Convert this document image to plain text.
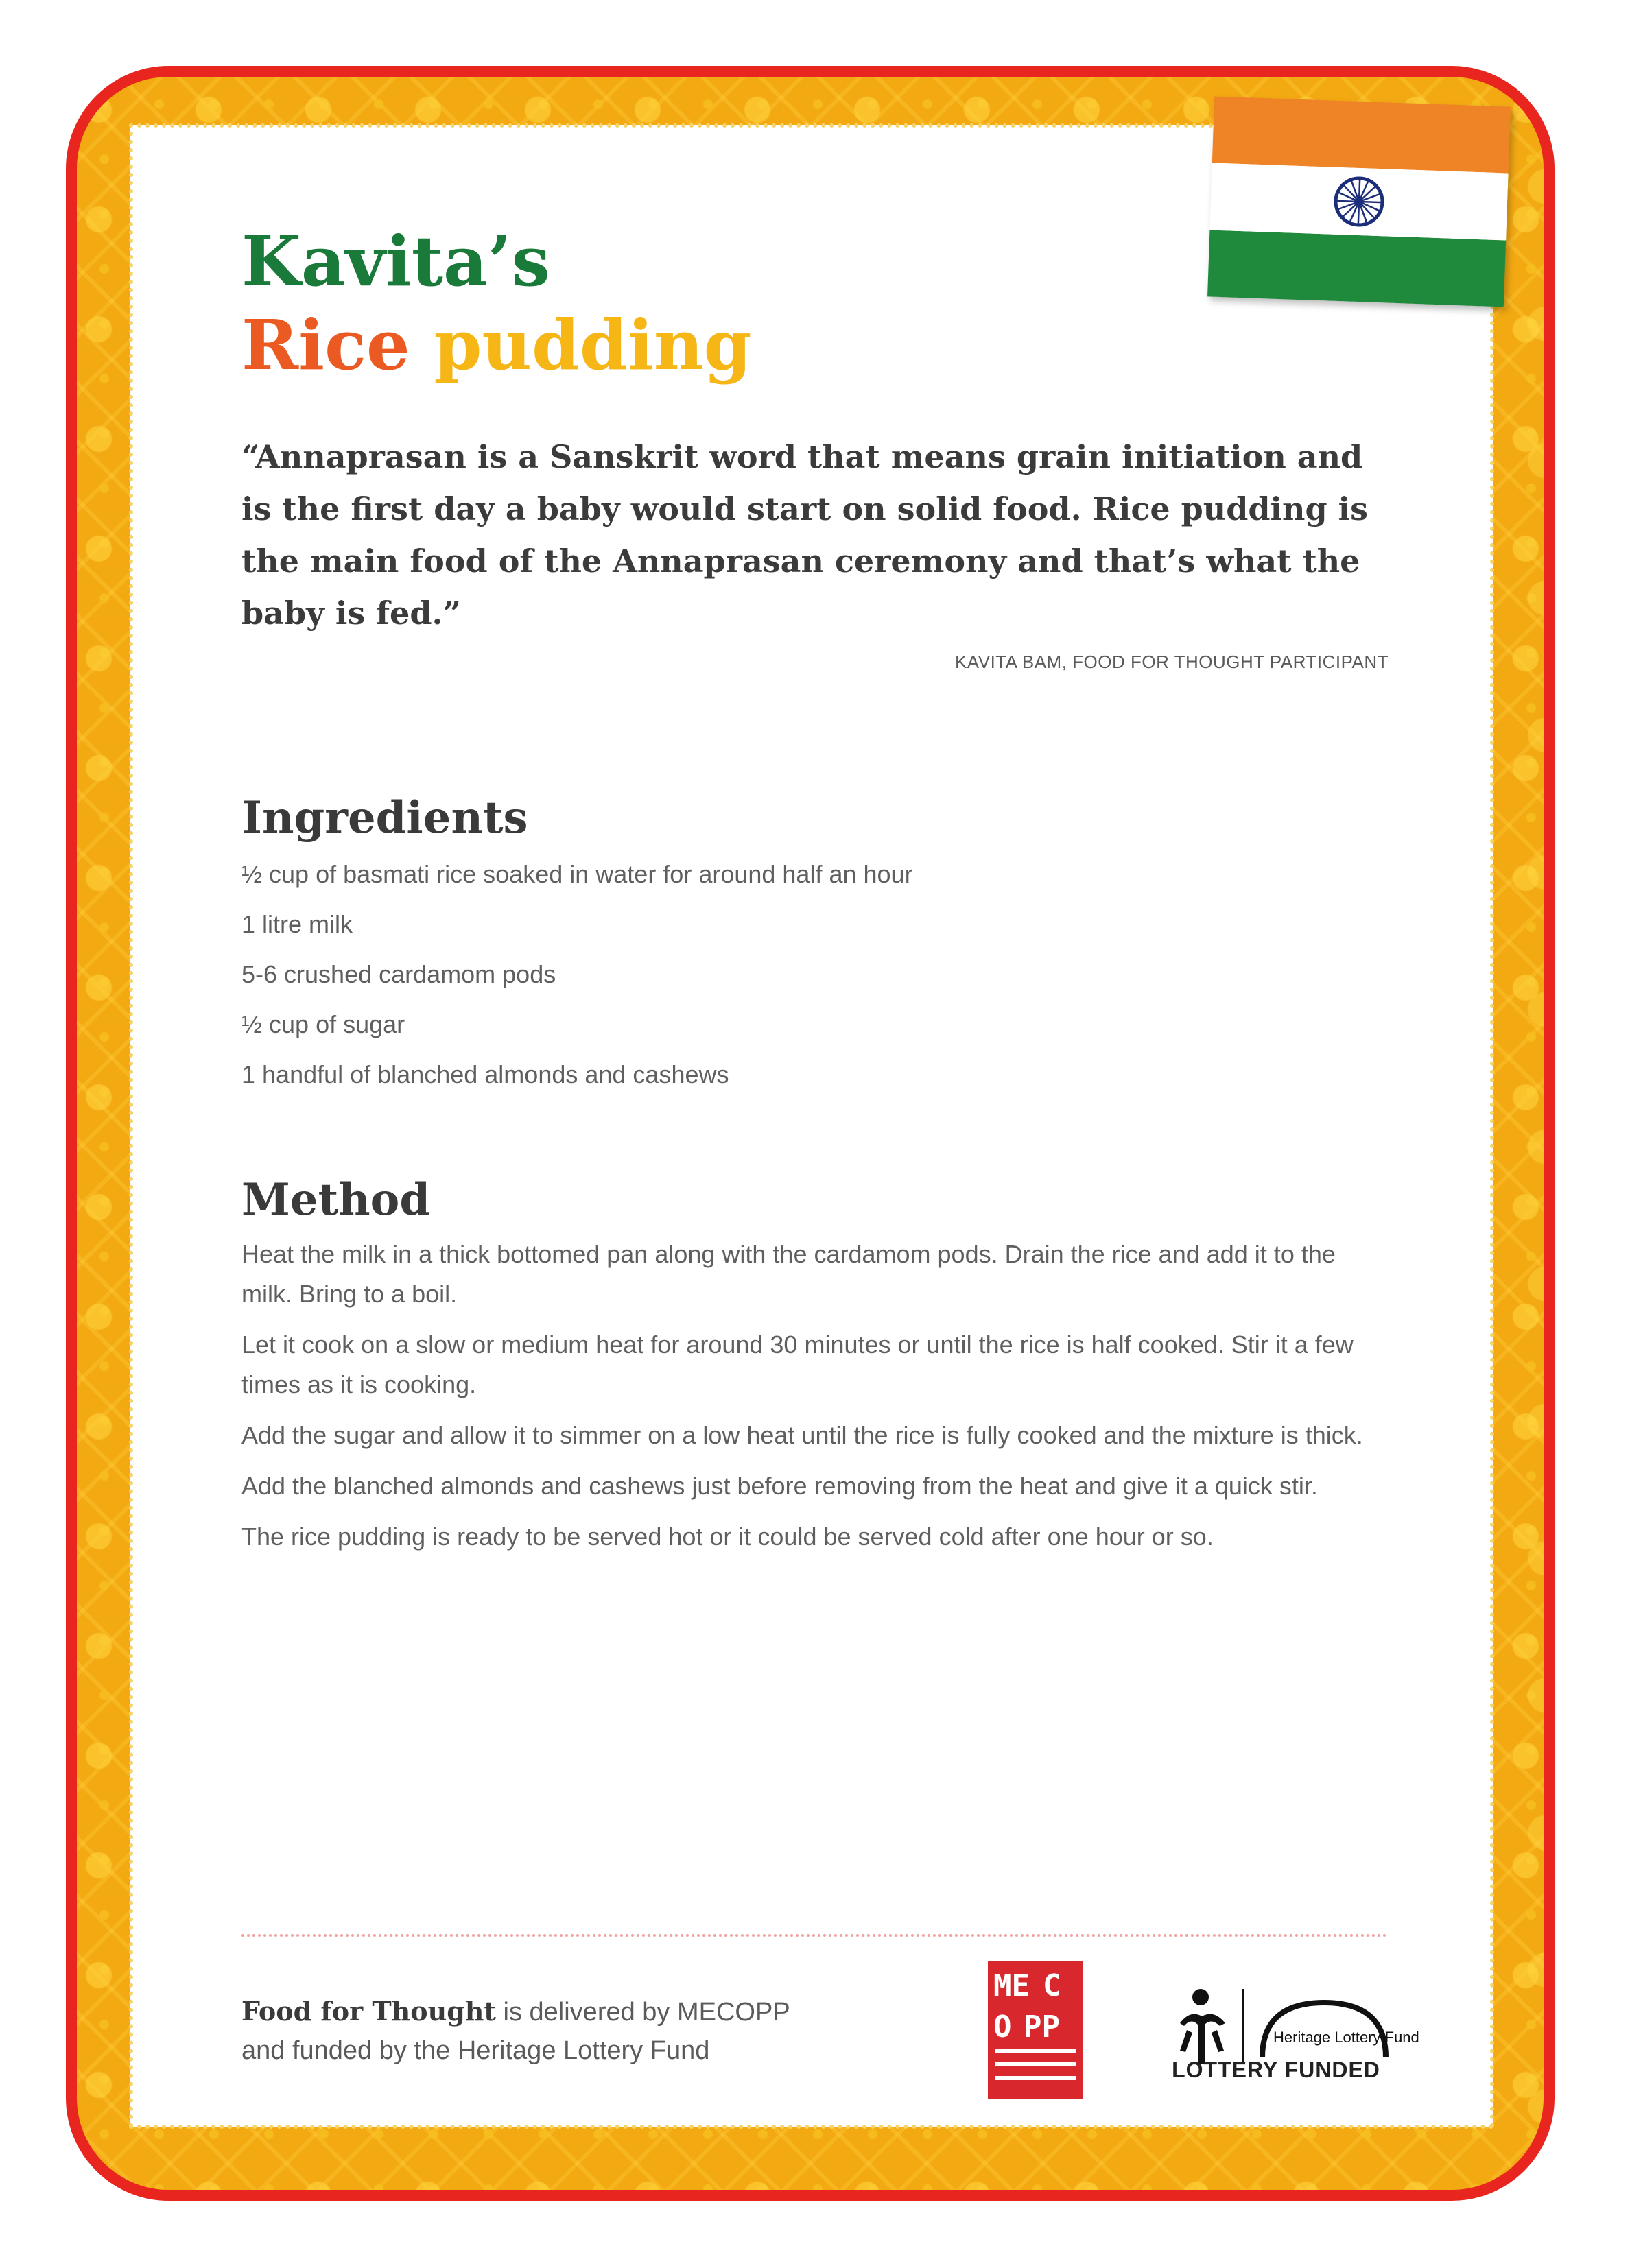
Kavita’s
Rice pudding

“Annaprasan is a Sanskrit word that means grain initiation and is the first day a baby would start on solid food. Rice pudding is the main food of the Annaprasan ceremony and that’s what the baby is fed.”

KAVITA BAM, FOOD FOR THOUGHT PARTICIPANT
Ingredients
½ cup of basmati rice soaked in water for around half an hour
1 litre milk
5-6 crushed cardamom pods
½ cup of sugar
1 handful of blanched almonds and cashews
Method
Heat the milk in a thick bottomed pan along with the cardamom pods. Drain the rice and add it to the milk. Bring to a boil.
Let it cook on a slow or medium heat for around 30 minutes or until the rice is half cooked. Stir it a few times as it is cooking.
Add the sugar and allow it to simmer on a low heat until the rice is fully cooked and the mixture is thick.
Add the blanched almonds and cashews just before removing from the heat and give it a quick stir.
The rice pudding is ready to be served hot or it could be served cold after one hour or so.

Food for Thought is delivered by MECOPP
and funded by the Heritage Lottery Fund

ME C
O PP	Heritage Lottery Fund
LOTTERY FUNDED
